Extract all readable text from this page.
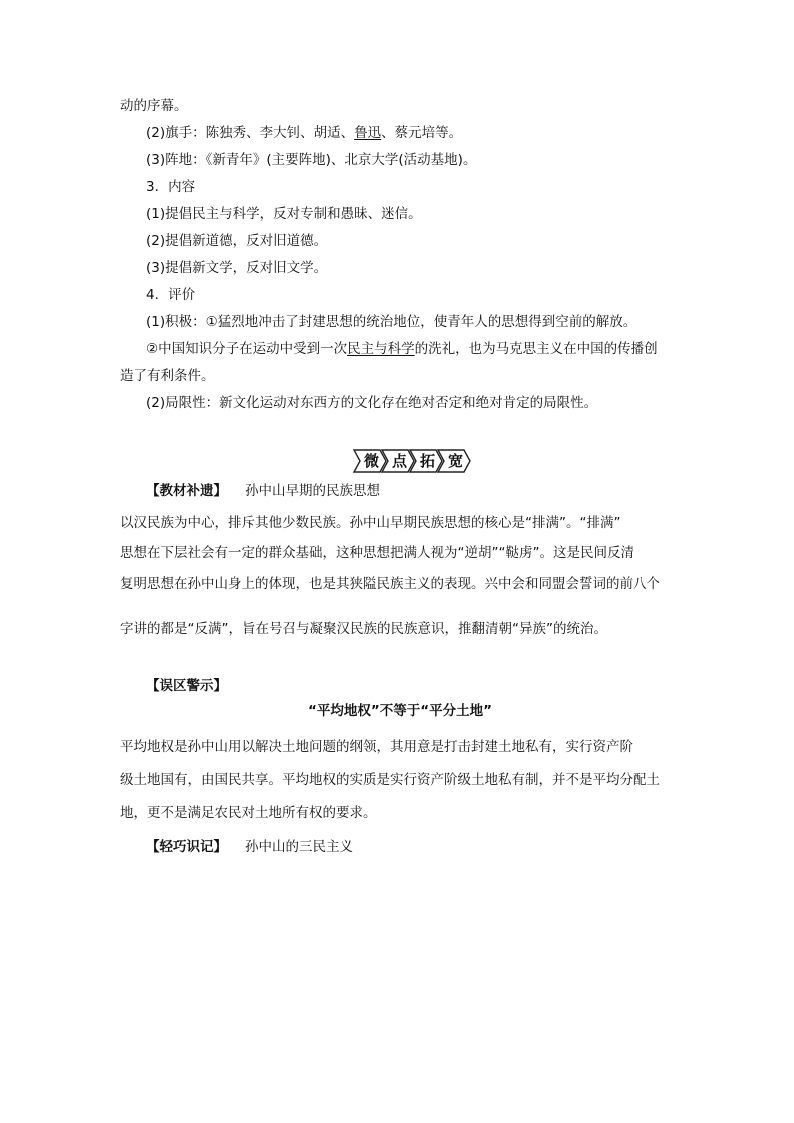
动的序幕。
(2)旗手：陈独秀、李大钊、胡适、鲁迅、蔡元培等。
(3)阵地：《新青年》(主要阵地)、北京大学(活动基地)。
3．内容
(1)提倡民主与科学，反对专制和愚昧、迷信。
(2)提倡新道德，反对旧道德。
(3)提倡新文学，反对旧文学。
4．评价
(1)积极：①猛烈地冲击了封建思想的统治地位，使青年人的思想得到空前的解放。
②中国知识分子在运动中受到一次民主与科学的洗礼，也为马克思主义在中国的传播创
造了有利条件。
(2)局限性：新文化运动对东西方的文化存在绝对否定和绝对肯定的局限性。
微 点 拓 宽
【教材补遗】 孙中山早期的民族思想
以汉民族为中心，排斥其他少数民族。孙中山早期民族思想的核心是“排满”。“排满”
思想在下层社会有一定的群众基础，这种思想把满人视为“逆胡”“鞑虏”。这是民间反清
复明思想在孙中山身上的体现，也是其狭隘民族主义的表现。兴中会和同盟会誓词的前八个
字讲的都是“反满”，旨在号召与凝聚汉民族的民族意识，推翻清朝“异族”的统治。
【误区警示】
“平均地权”不等于“平分土地”
平均地权是孙中山用以解决土地问题的纲领，其用意是打击封建土地私有，实行资产阶
级土地国有，由国民共享。平均地权的实质是实行资产阶级土地私有制，并不是平均分配土
地，更不是满足农民对土地所有权的要求。
【轻巧识记】 孙中山的三民主义
